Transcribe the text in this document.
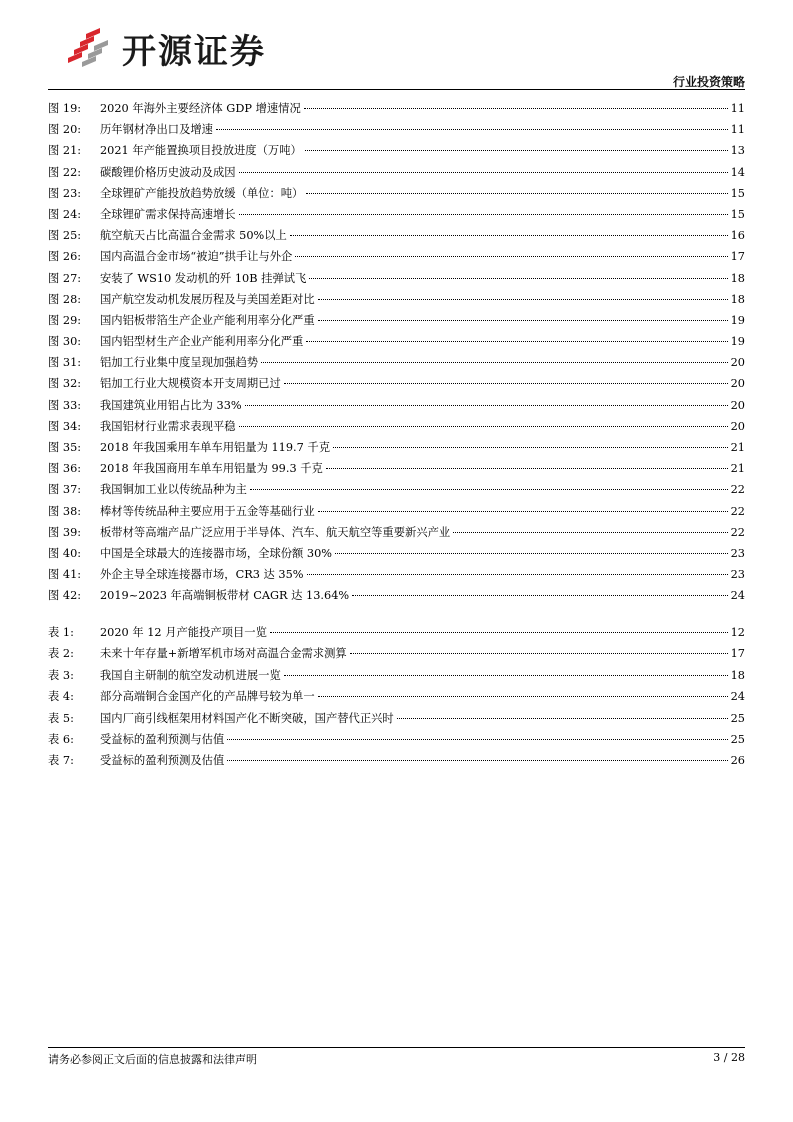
开源证券
行业投资策略
图 19:	2020 年海外主要经济体 GDP 增速情况	11
图 20:	历年钢材净出口及增速	11
图 21:	2021 年产能置换项目投放进度（万吨）	13
图 22:	碳酸锂价格历史波动及成因	14
图 23:	全球锂矿产能投放趋势放缓（单位：吨）	15
图 24:	全球锂矿需求保持高速增长	15
图 25:	航空航天占比高温合金需求 50%以上	16
图 26:	国内高温合金市场“被迫”拱手让与外企	17
图 27:	安装了 WS10 发动机的歼 10B 挂弹试飞	18
图 28:	国产航空发动机发展历程及与美国差距对比	18
图 29:	国内铝板带箔生产企业产能利用率分化严重	19
图 30:	国内铝型材生产企业产能利用率分化严重	19
图 31:	铝加工行业集中度呈现加强趋势	20
图 32:	铝加工行业大规模资本开支周期已过	20
图 33:	我国建筑业用铝占比为 33%	20
图 34:	我国铝材行业需求表现平稳	20
图 35:	2018 年我国乘用车单车用铝量为 119.7 千克	21
图 36:	2018 年我国商用车单车用铝量为 99.3 千克	21
图 37:	我国铜加工业以传统品种为主	22
图 38:	棒材等传统品种主要应用于五金等基础行业	22
图 39:	板带材等高端产品广泛应用于半导体、汽车、航天航空等重要新兴产业	22
图 40:	中国是全球最大的连接器市场，全球份额 30%	23
图 41:	外企主导全球连接器市场，CR3 达 35%	23
图 42:	2019~2023 年高端铜板带材 CAGR 达 13.64%	24
表 1:	2020 年 12 月产能投产项目一览	12
表 2:	未来十年存量+新增军机市场对高温合金需求测算	17
表 3:	我国自主研制的航空发动机进展一览	18
表 4:	部分高端铜合金国产化的产品牌号较为单一	24
表 5:	国内厂商引线框架用材料国产化不断突破，国产替代正兴时	25
表 6:	受益标的盈利预测与估值	25
表 7:	受益标的盈利预测及估值	26
请务必参阅正文后面的信息披露和法律声明	3 / 28
